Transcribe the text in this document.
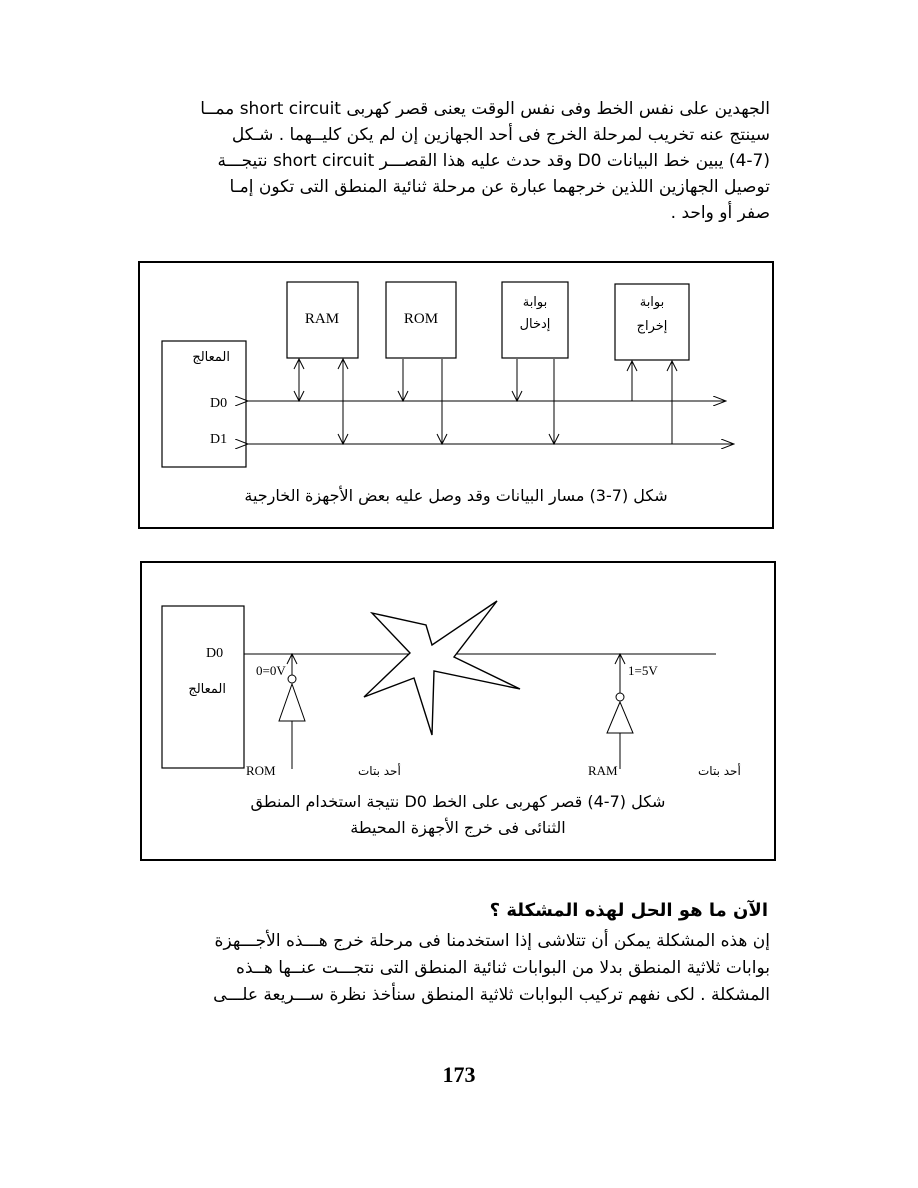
الجهدين على نفس الخط وفى نفس الوقت يعنى قصر كهربى short circuit ممــا
سينتج عنه تخريب لمرحلة الخرج فى أحد الجهازين إن لم يكن كليــهما . شـكل
(4-7) يبين خط البيانات D0 وقد حدث عليه هذا القصـــر short circuit نتيجـــة
توصيل الجهازين اللذين خرجهما عبارة عن مرحلة ثنائية المنطق التى تكون إمـا
صفر أو واحد .
المعالج
D0
D1
RAM	ROM
بوابة
إدخال
بوابة
إخراج
شكل (7-3) مسار البيانات وقد وصل عليه بعض الأجهزة الخارجية
D0
المعالج
0=0V	1=5V
ROM	أحد بتات	RAM	أحد بتات
شكل (7-4) قصر كهربى على الخط D0 نتيجة استخدام المنطق
الثنائى فى خرج الأجهزة المحيطة
الآن ما هو الحل لهذه المشكلة ؟
إن هذه المشكلة يمكن أن تتلاشى إذا استخدمنا فى مرحلة خرج هـــذه الأجـــهزة
بوابات ثلاثية المنطق بدلا من البوابات ثنائية المنطق التى نتجـــت عنــها هــذه
المشكلة . لكى نفهم تركيب البوابات ثلاثية المنطق سنأخذ نظرة ســـريعة علـــى
173
